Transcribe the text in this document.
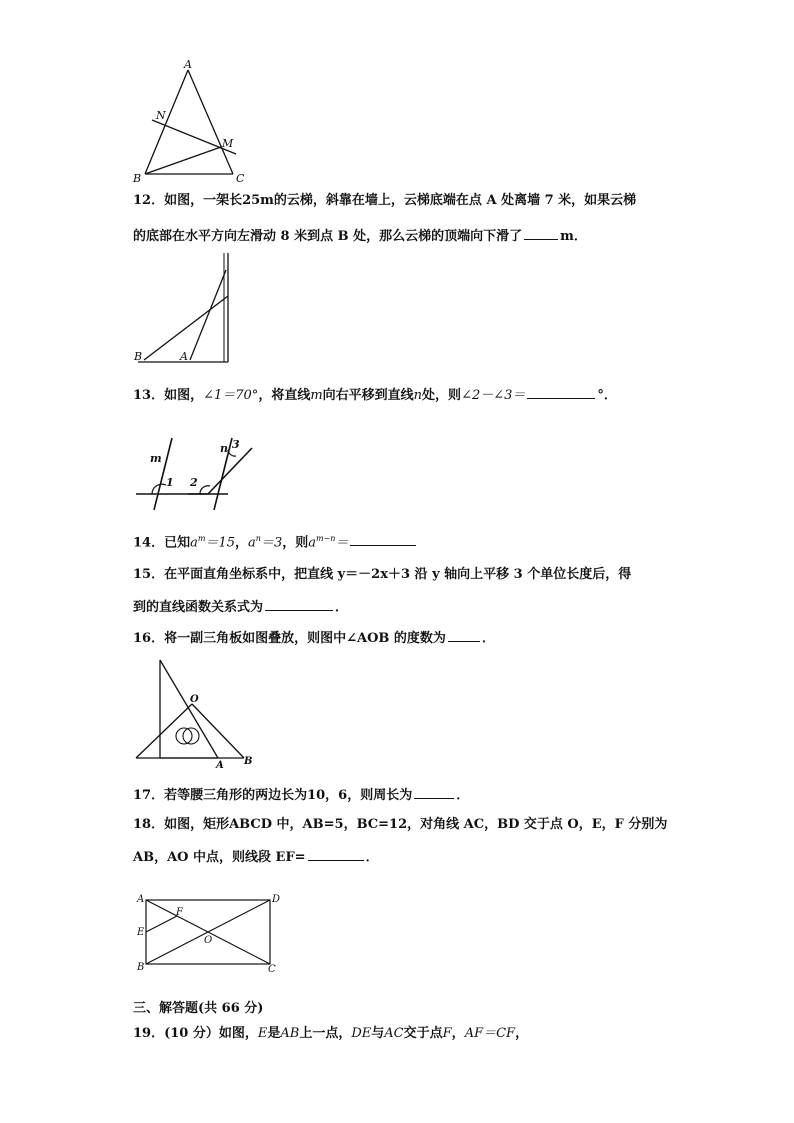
A
N
M
B	C
12．如图，一架长25m的云梯，斜靠在墙上，云梯底端在点 A 处离墙 7 米，如果云梯
的底部在水平方向左滑动 8 米到点 B 处，那么云梯的顶端向下滑了	m．
B	A
13．如图，∠1＝70°，将直线m向右平移到直线n处，则∠2－∠3＝	°．
m
1 2
n 3
14．已知$a^m=15$，$a^n=3$，则$a^{m-n}=$
15．在平面直角坐标系中，把直线 y＝－2x＋3 沿 y 轴向上平移 3 个单位长度后，得
到的直线函数关系式为	．
16．将一副三角板如图叠放，则图中∠AOB 的度数为	．
O
A B
17．若等腰三角形的两边长为10，6，则周长为	．
18．如图，矩形ABCD 中，AB=5，BC=12，对角线 AC，BD 交于点 O，E，F 分别为
AB，AO 中点，则线段 EF=	．
A	D
F
E
O
B	C
三、解答题(共 66 分)
19．(10 分）如图，E是AB上一点，DE与AC交于点F，AF＝CF，
